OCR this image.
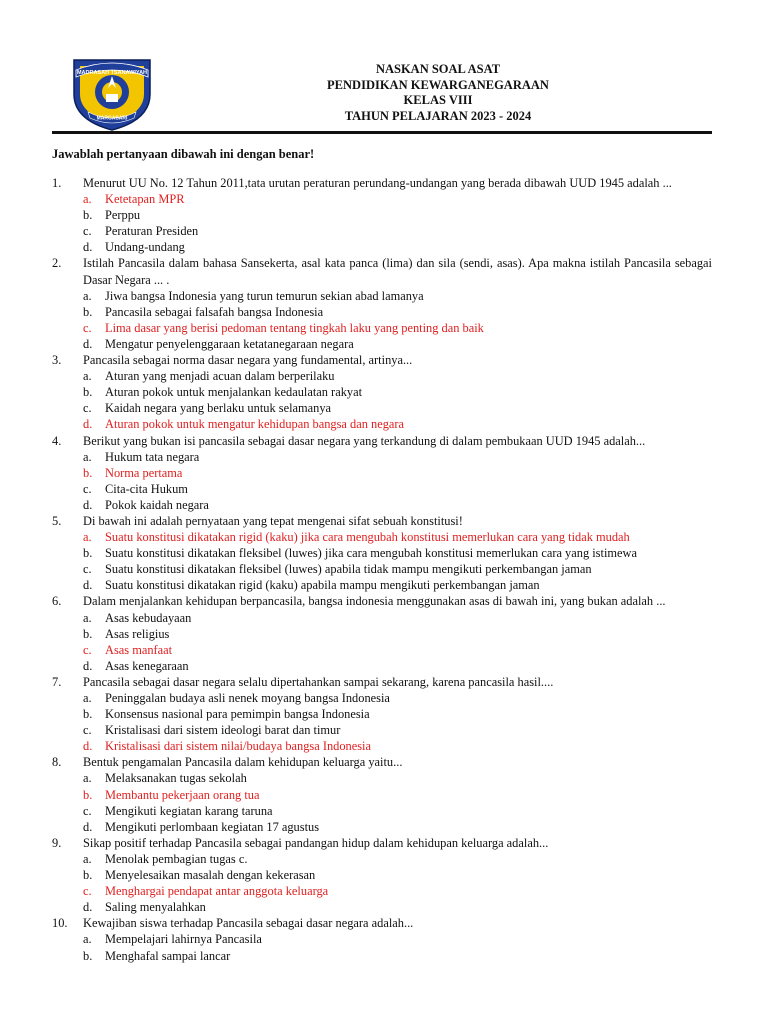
MADRASAH TSANAWIYAH
MARGASARI
NASKAN SOAL ASAT
PENDIDIKAN KEWARGANEGARAAN
KELAS VIII
TAHUN PELAJARAN 2023 - 2024
Jawablah pertanyaan dibawah ini dengan benar!
1.	Menurut UU No. 12 Tahun 2011,tata urutan peraturan perundang-undangan yang berada dibawah UUD 1945 adalah ...
a.	Ketetapan MPR
b.	Perppu
c.	Peraturan Presiden
d.	Undang-undang
2.	Istilah Pancasila dalam bahasa Sansekerta, asal kata panca (lima) dan sila (sendi, asas). Apa makna istilah Pancasila sebagai Dasar Negara ... .
a.	Jiwa bangsa Indonesia yang turun temurun sekian abad lamanya
b.	Pancasila sebagai falsafah bangsa Indonesia
c.	Lima dasar yang berisi pedoman tentang tingkah laku yang penting dan baik
d.	Mengatur penyelenggaraan ketatanegaraan negara
3.	Pancasila sebagai norma dasar negara yang fundamental, artinya...
a.	Aturan yang menjadi acuan dalam berperilaku
b.	Aturan pokok untuk menjalankan kedaulatan rakyat
c.	Kaidah negara yang berlaku untuk selamanya
d.	Aturan pokok untuk mengatur kehidupan bangsa dan negara
4.	Berikut yang bukan isi pancasila sebagai dasar negara yang terkandung di dalam pembukaan UUD 1945 adalah...
a.	Hukum tata negara
b.	Norma pertama
c.	Cita-cita Hukum
d.	Pokok kaidah negara
5.	Di bawah ini adalah pernyataan yang tepat mengenai sifat sebuah konstitusi!
a.	Suatu konstitusi dikatakan rigid (kaku) jika cara mengubah konstitusi memerlukan cara yang tidak mudah
b.	Suatu konstitusi dikatakan fleksibel (luwes) jika cara mengubah konstitusi memerlukan cara yang istimewa
c.	Suatu konstitusi dikatakan fleksibel (luwes) apabila tidak mampu mengikuti perkembangan jaman
d.	Suatu konstitusi dikatakan rigid (kaku) apabila mampu mengikuti perkembangan jaman
6.	Dalam menjalankan kehidupan berpancasila, bangsa indonesia menggunakan asas di bawah ini, yang bukan adalah ...
a.	Asas kebudayaan
b.	Asas religius
c.	Asas manfaat
d.	Asas kenegaraan
7.	Pancasila sebagai dasar negara selalu dipertahankan sampai sekarang, karena pancasila hasil....
a.	Peninggalan budaya asli nenek moyang bangsa Indonesia
b.	Konsensus nasional para pemimpin bangsa Indonesia
c.	Kristalisasi dari sistem ideologi barat dan timur
d.	Kristalisasi dari sistem nilai/budaya bangsa Indonesia
8.	Bentuk pengamalan Pancasila dalam kehidupan keluarga yaitu...
a.	Melaksanakan tugas sekolah
b.	Membantu pekerjaan orang tua
c.	Mengikuti kegiatan karang taruna
d.	Mengikuti perlombaan kegiatan 17 agustus
9.	Sikap positif terhadap Pancasila sebagai pandangan hidup dalam kehidupan keluarga adalah...
a.	Menolak pembagian tugas c.
b.	Menyelesaikan masalah dengan kekerasan
c.	Menghargai pendapat antar anggota keluarga
d.	Saling menyalahkan
10.	Kewajiban siswa terhadap Pancasila sebagai dasar negara adalah...
a.	Mempelajari lahirnya Pancasila
b.	Menghafal sampai lancar
